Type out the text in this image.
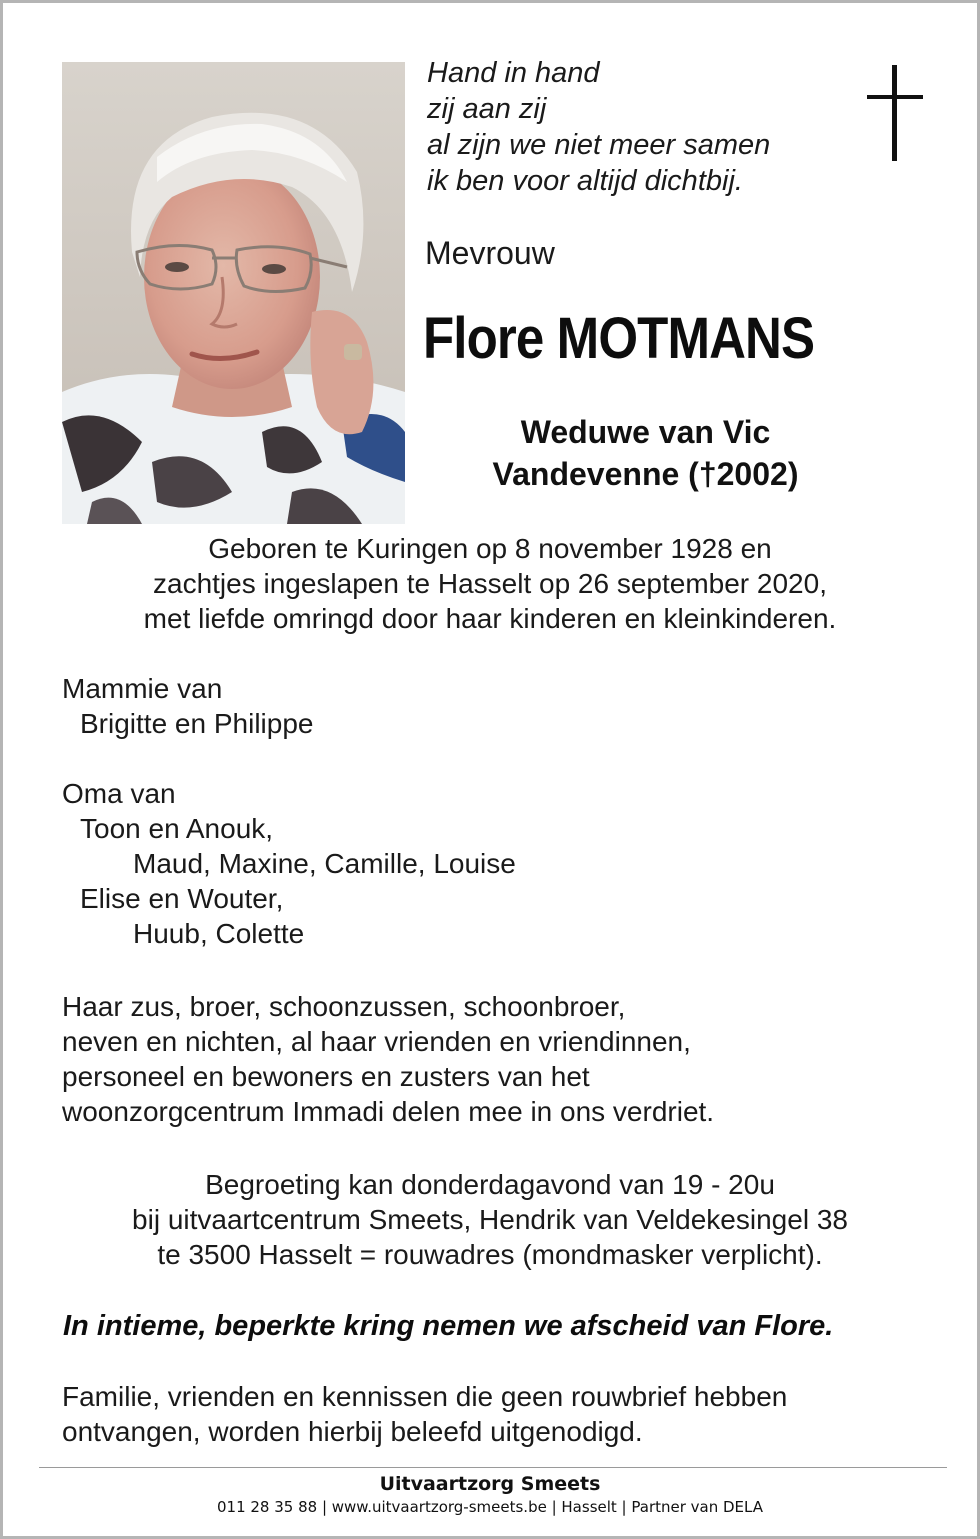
Hand in hand
zij aan zij
al zijn we niet meer samen
ik ben voor altijd dichtbij.
Mevrouw
Flore MOTMANS
Weduwe van Vic
Vandevenne (†2002)
Geboren te Kuringen op 8 november 1928 en
zachtjes ingeslapen te Hasselt op 26 september 2020,
met liefde omringd door haar kinderen en kleinkinderen.
Mammie van
Brigitte en Philippe
Oma van
Toon en Anouk,
Maud, Maxine, Camille, Louise
Elise en Wouter,
Huub, Colette
Haar zus, broer, schoonzussen, schoonbroer,
neven en nichten, al haar vrienden en vriendinnen,
personeel en bewoners en zusters van het
woonzorgcentrum Immadi delen mee in ons verdriet.
Begroeting kan donderdagavond van 19 - 20u
bij uitvaartcentrum Smeets, Hendrik van Veldekesingel 38
te 3500 Hasselt = rouwadres (mondmasker verplicht).
In intieme, beperkte kring nemen we afscheid van Flore.
Familie, vrienden en kennissen die geen rouwbrief hebben
ontvangen, worden hierbij beleefd uitgenodigd.
Uitvaartzorg Smeets
011 28 35 88 | www.uitvaartzorg-smeets.be | Hasselt | Partner van DELA
